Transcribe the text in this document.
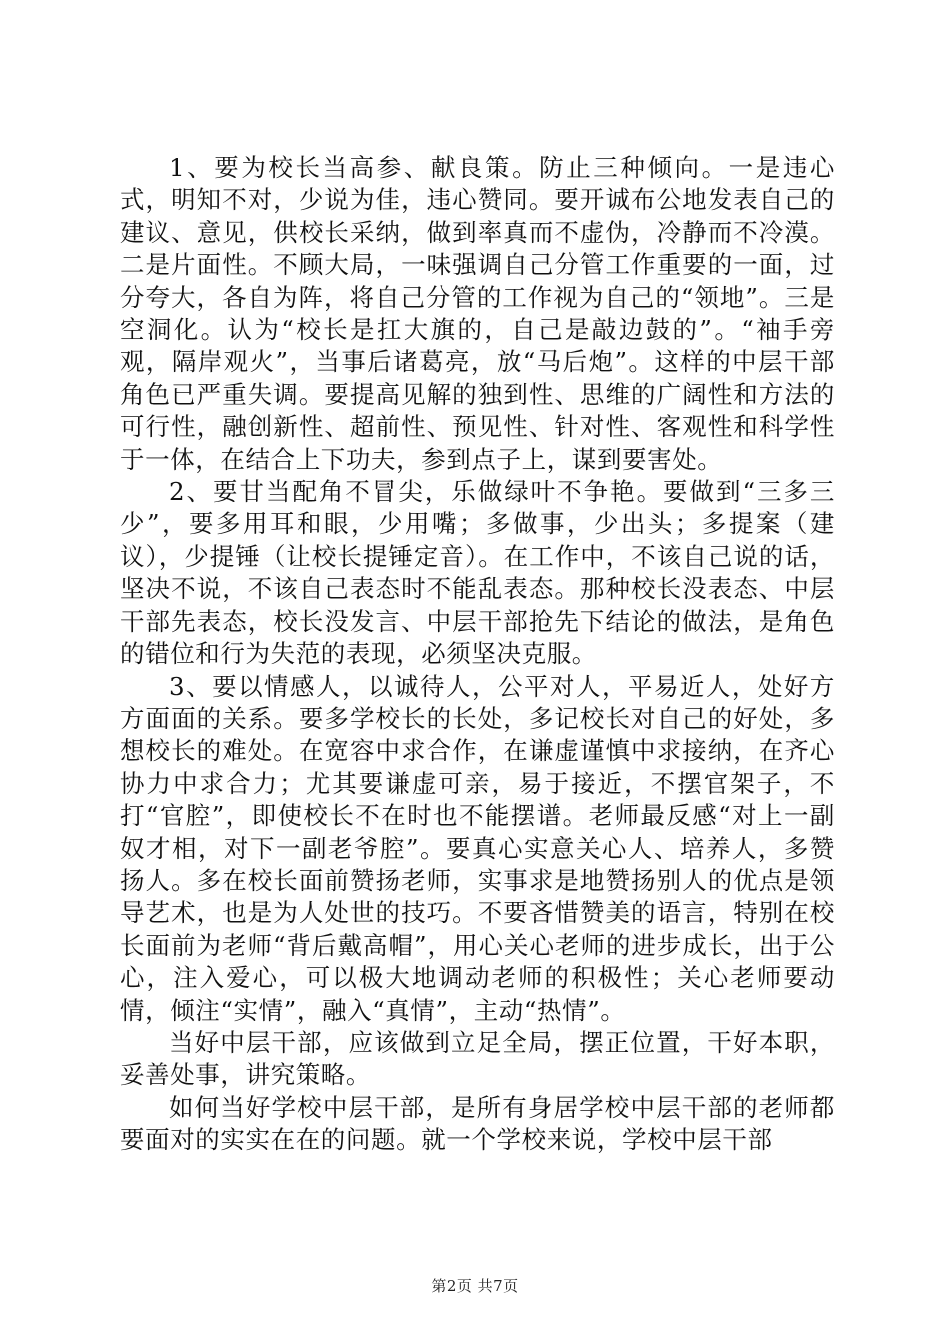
1、要为校长当高参、献良策。防止三种倾向。一是违心式，明知不对，少说为佳，违心赞同。要开诚布公地发表自己的建议、意见，供校长采纳，做到率真而不虚伪，冷静而不冷漠。二是片面性。不顾大局，一味强调自己分管工作重要的一面，过分夸大，各自为阵，将自己分管的工作视为自己的“领地”。三是空洞化。认为“校长是扛大旗的，自己是敲边鼓的”。“袖手旁观，隔岸观火”，当事后诸葛亮，放“马后炮”。这样的中层干部角色已严重失调。要提高见解的独到性、思维的广阔性和方法的可行性，融创新性、超前性、预见性、针对性、客观性和科学性于一体，在结合上下功夫，参到点子上，谋到要害处。

2、要甘当配角不冒尖，乐做绿叶不争艳。要做到“三多三少”，要多用耳和眼，少用嘴；多做事，少出头；多提案（建议），少提锤（让校长提锤定音）。在工作中，不该自己说的话，坚决不说，不该自己表态时不能乱表态。那种校长没表态、中层干部先表态，校长没发言、中层干部抢先下结论的做法，是角色的错位和行为失范的表现，必须坚决克服。

3、要以情感人，以诚待人，公平对人，平易近人，处好方方面面的关系。要多学校长的长处，多记校长对自己的好处，多想校长的难处。在宽容中求合作，在谦虚谨慎中求接纳，在齐心协力中求合力；尤其要谦虚可亲，易于接近，不摆官架子，不打“官腔”，即使校长不在时也不能摆谱。老师最反感“对上一副奴才相，对下一副老爷腔”。要真心实意关心人、培养人，多赞扬人。多在校长面前赞扬老师，实事求是地赞扬别人的优点是领导艺术，也是为人处世的技巧。不要吝惜赞美的语言，特别在校长面前为老师“背后戴高帽”，用心关心老师的进步成长，出于公心，注入爱心，可以极大地调动老师的积极性；关心老师要动情，倾注“实情”，融入“真情”，主动“热情”。

当好中层干部，应该做到立足全局，摆正位置，干好本职，妥善处事，讲究策略。

如何当好学校中层干部，是所有身居学校中层干部的老师都要面对的实实在在的问题。就一个学校来说，学校中层干部

第2页 共7页
